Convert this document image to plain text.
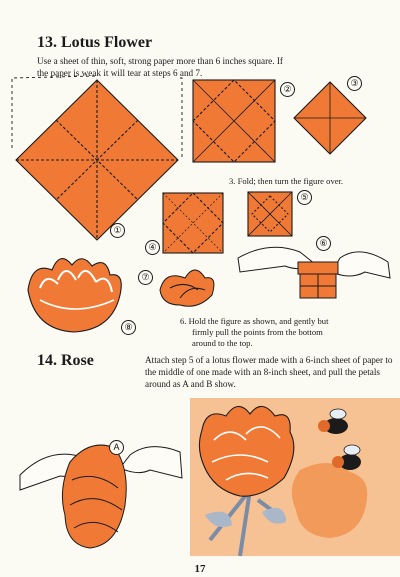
13. Lotus Flower
Use a sheet of thin, soft, strong paper more than 6 inches square. If
the paper is weak it will tear at steps 6 and 7.
①
②
③
④
⑤
⑥
⑦
⑧
3. Fold; then turn the figure over.
6. Hold the figure as shown, and gently but
firmly pull the points from the bottom
around to the top.
14. Rose	Attach step 5 of a lotus flower made with a 6-inch sheet of paper to
the middle of one made with an 8-inch sheet, and pull the petals
around as A and B show.
A
17
